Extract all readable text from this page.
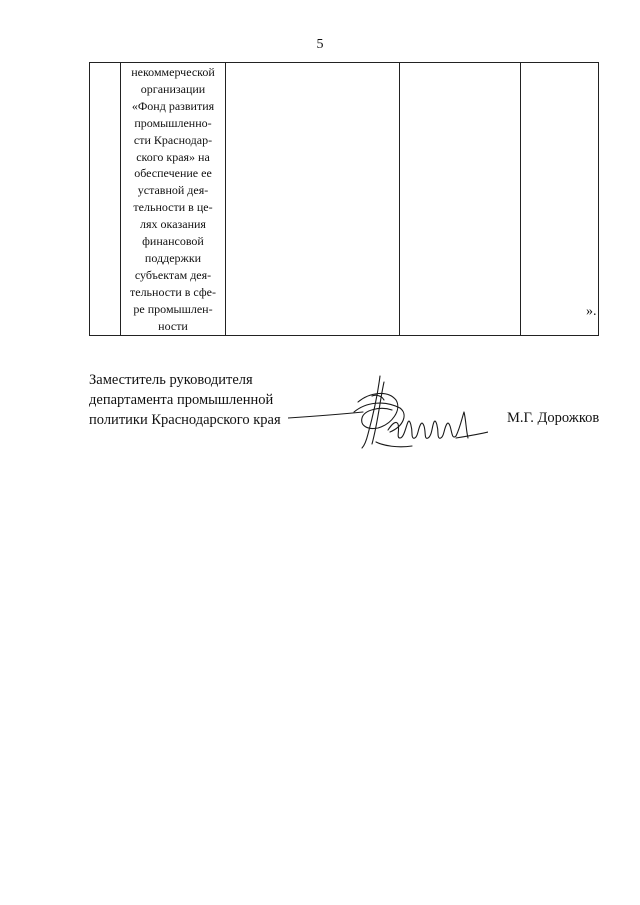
5

некоммерческой
организации
«Фонд развития
промышленно-
сти Краснодар-
ского края» на
обеспечение ее
уставной дея-
тельности в це-
лях оказания
финансовой
поддержки
субъектам дея-
тельности в сфе-
ре промышлен-
ности

».
Заместитель руководителя
департамента промышленной
политики Краснодарского края	М.Г. Дорожков
